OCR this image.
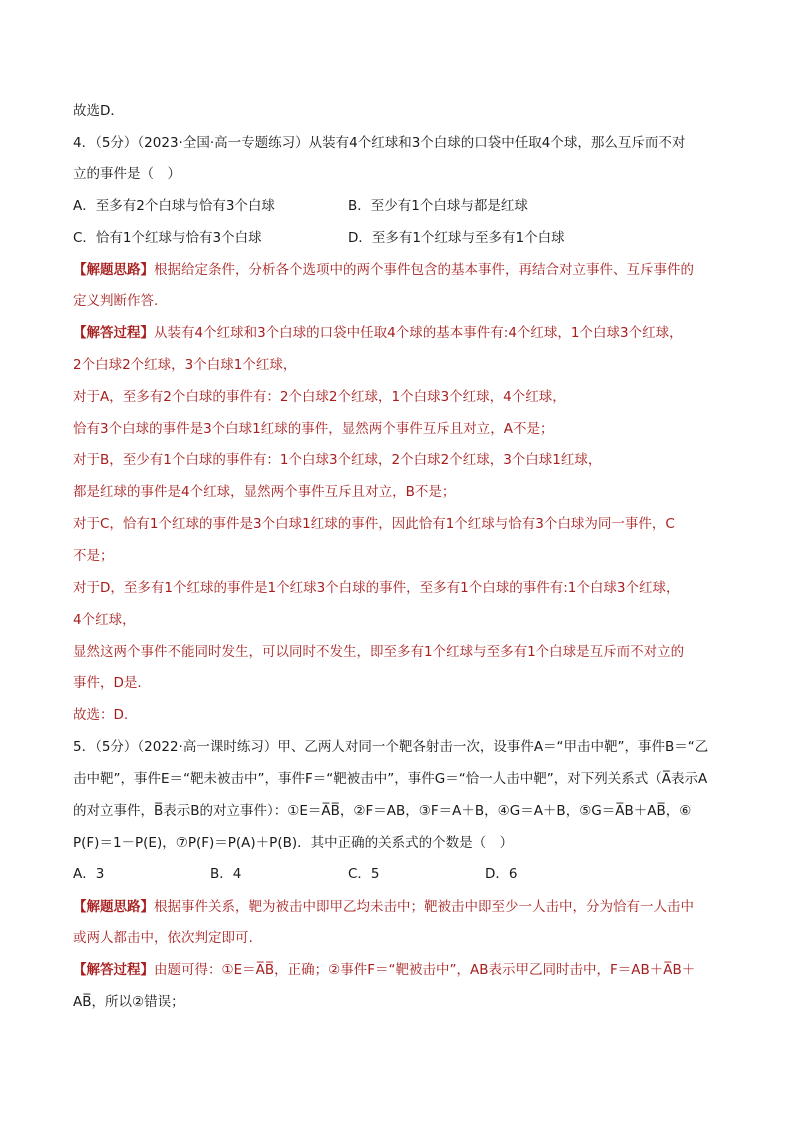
故选D．
4．（5分）（2023·全国·高一专题练习）从装有4个红球和3个白球的口袋中任取4个球，那么互斥而不对
立的事件是（　）
A．至多有2个白球与恰有3个白球	B．至少有1个白球与都是红球
C．恰有1个红球与恰有3个白球	D．至多有1个红球与至多有1个白球
【解题思路】根据给定条件，分析各个选项中的两个事件包含的基本事件，再结合对立事件、互斥事件的
定义判断作答.
【解答过程】从装有4个红球和3个白球的口袋中任取4个球的基本事件有:4个红球，1个白球3个红球，
2个白球2个红球，3个白球1个红球，
对于A，至多有2个白球的事件有：2个白球2个红球，1个白球3个红球，4个红球，
恰有3个白球的事件是3个白球1红球的事件，显然两个事件互斥且对立，A不是；
对于B，至少有1个白球的事件有：1个白球3个红球，2个白球2个红球，3个白球1红球，
都是红球的事件是4个红球，显然两个事件互斥且对立，B不是；
对于C，恰有1个红球的事件是3个白球1红球的事件，因此恰有1个红球与恰有3个白球为同一事件，C
不是；
对于D，至多有1个红球的事件是1个红球3个白球的事件，至多有1个白球的事件有:1个白球3个红球，
4个红球，
显然这两个事件不能同时发生，可以同时不发生，即至多有1个红球与至多有1个白球是互斥而不对立的
事件，D是.
故选：D.
5．（5分）（2022·高一课时练习）甲、乙两人对同一个靶各射击一次，设事件A＝“甲击中靶”，事件B＝“乙
击中靶”，事件E＝“靶未被击中”，事件F＝“靶被击中”，事件G＝“恰一人击中靶”，对下列关系式（A̅表示A
的对立事件，B̅表示B的对立事件）：①E＝A̅B̅，②F＝AB，③F＝A＋B，④G＝A＋B，⑤G＝A̅B＋AB̅，⑥
P(F)＝1－P(E)，⑦P(F)＝P(A)＋P(B)．其中正确的关系式的个数是（　）
A．3	B．4	C．5	D．6
【解题思路】根据事件关系，靶为被击中即甲乙均未击中；靶被击中即至少一人击中，分为恰有一人击中
或两人都击中，依次判定即可.
【解答过程】由题可得：①E＝A̅B̅，正确；②事件F＝“靶被击中”，AB表示甲乙同时击中，F＝AB＋A̅B＋
AB̅，所以②错误；
